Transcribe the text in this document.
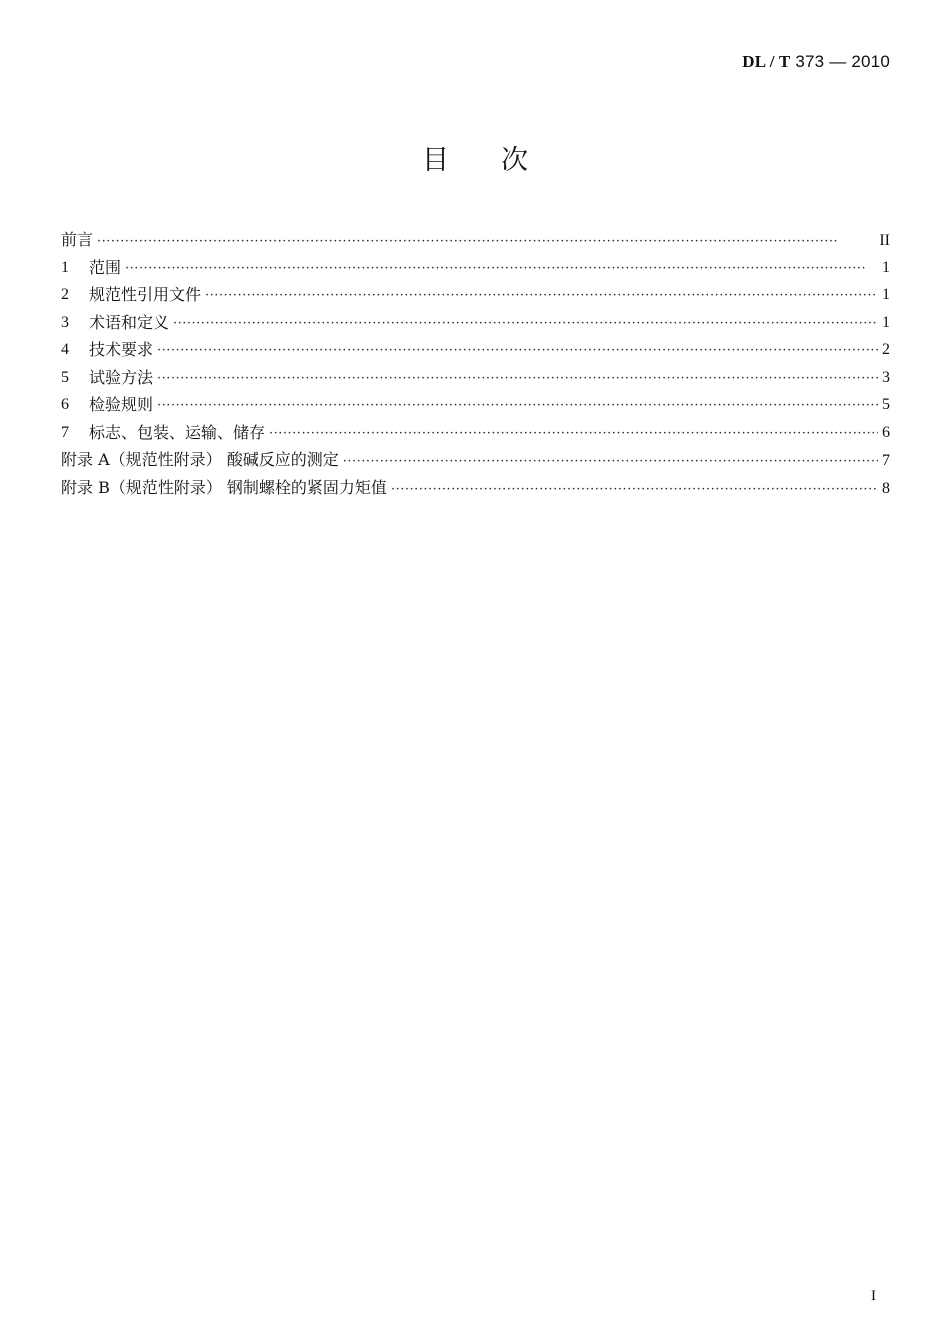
DL / T 373 — 2010
目次
前言 ·····	II
1	范围 ·····	1
2	规范性引用文件 ·····	1
3	术语和定义 ·····	1
4	技术要求 ·····	2
5	试验方法 ·····	3
6	检验规则 ·····	5
7	标志、包装、运输、储存 ·····	6
附录 A（规范性附录） 酸碱反应的测定 ·····	7
附录 B（规范性附录） 钢制螺栓的紧固力矩值 ·····	8
I
